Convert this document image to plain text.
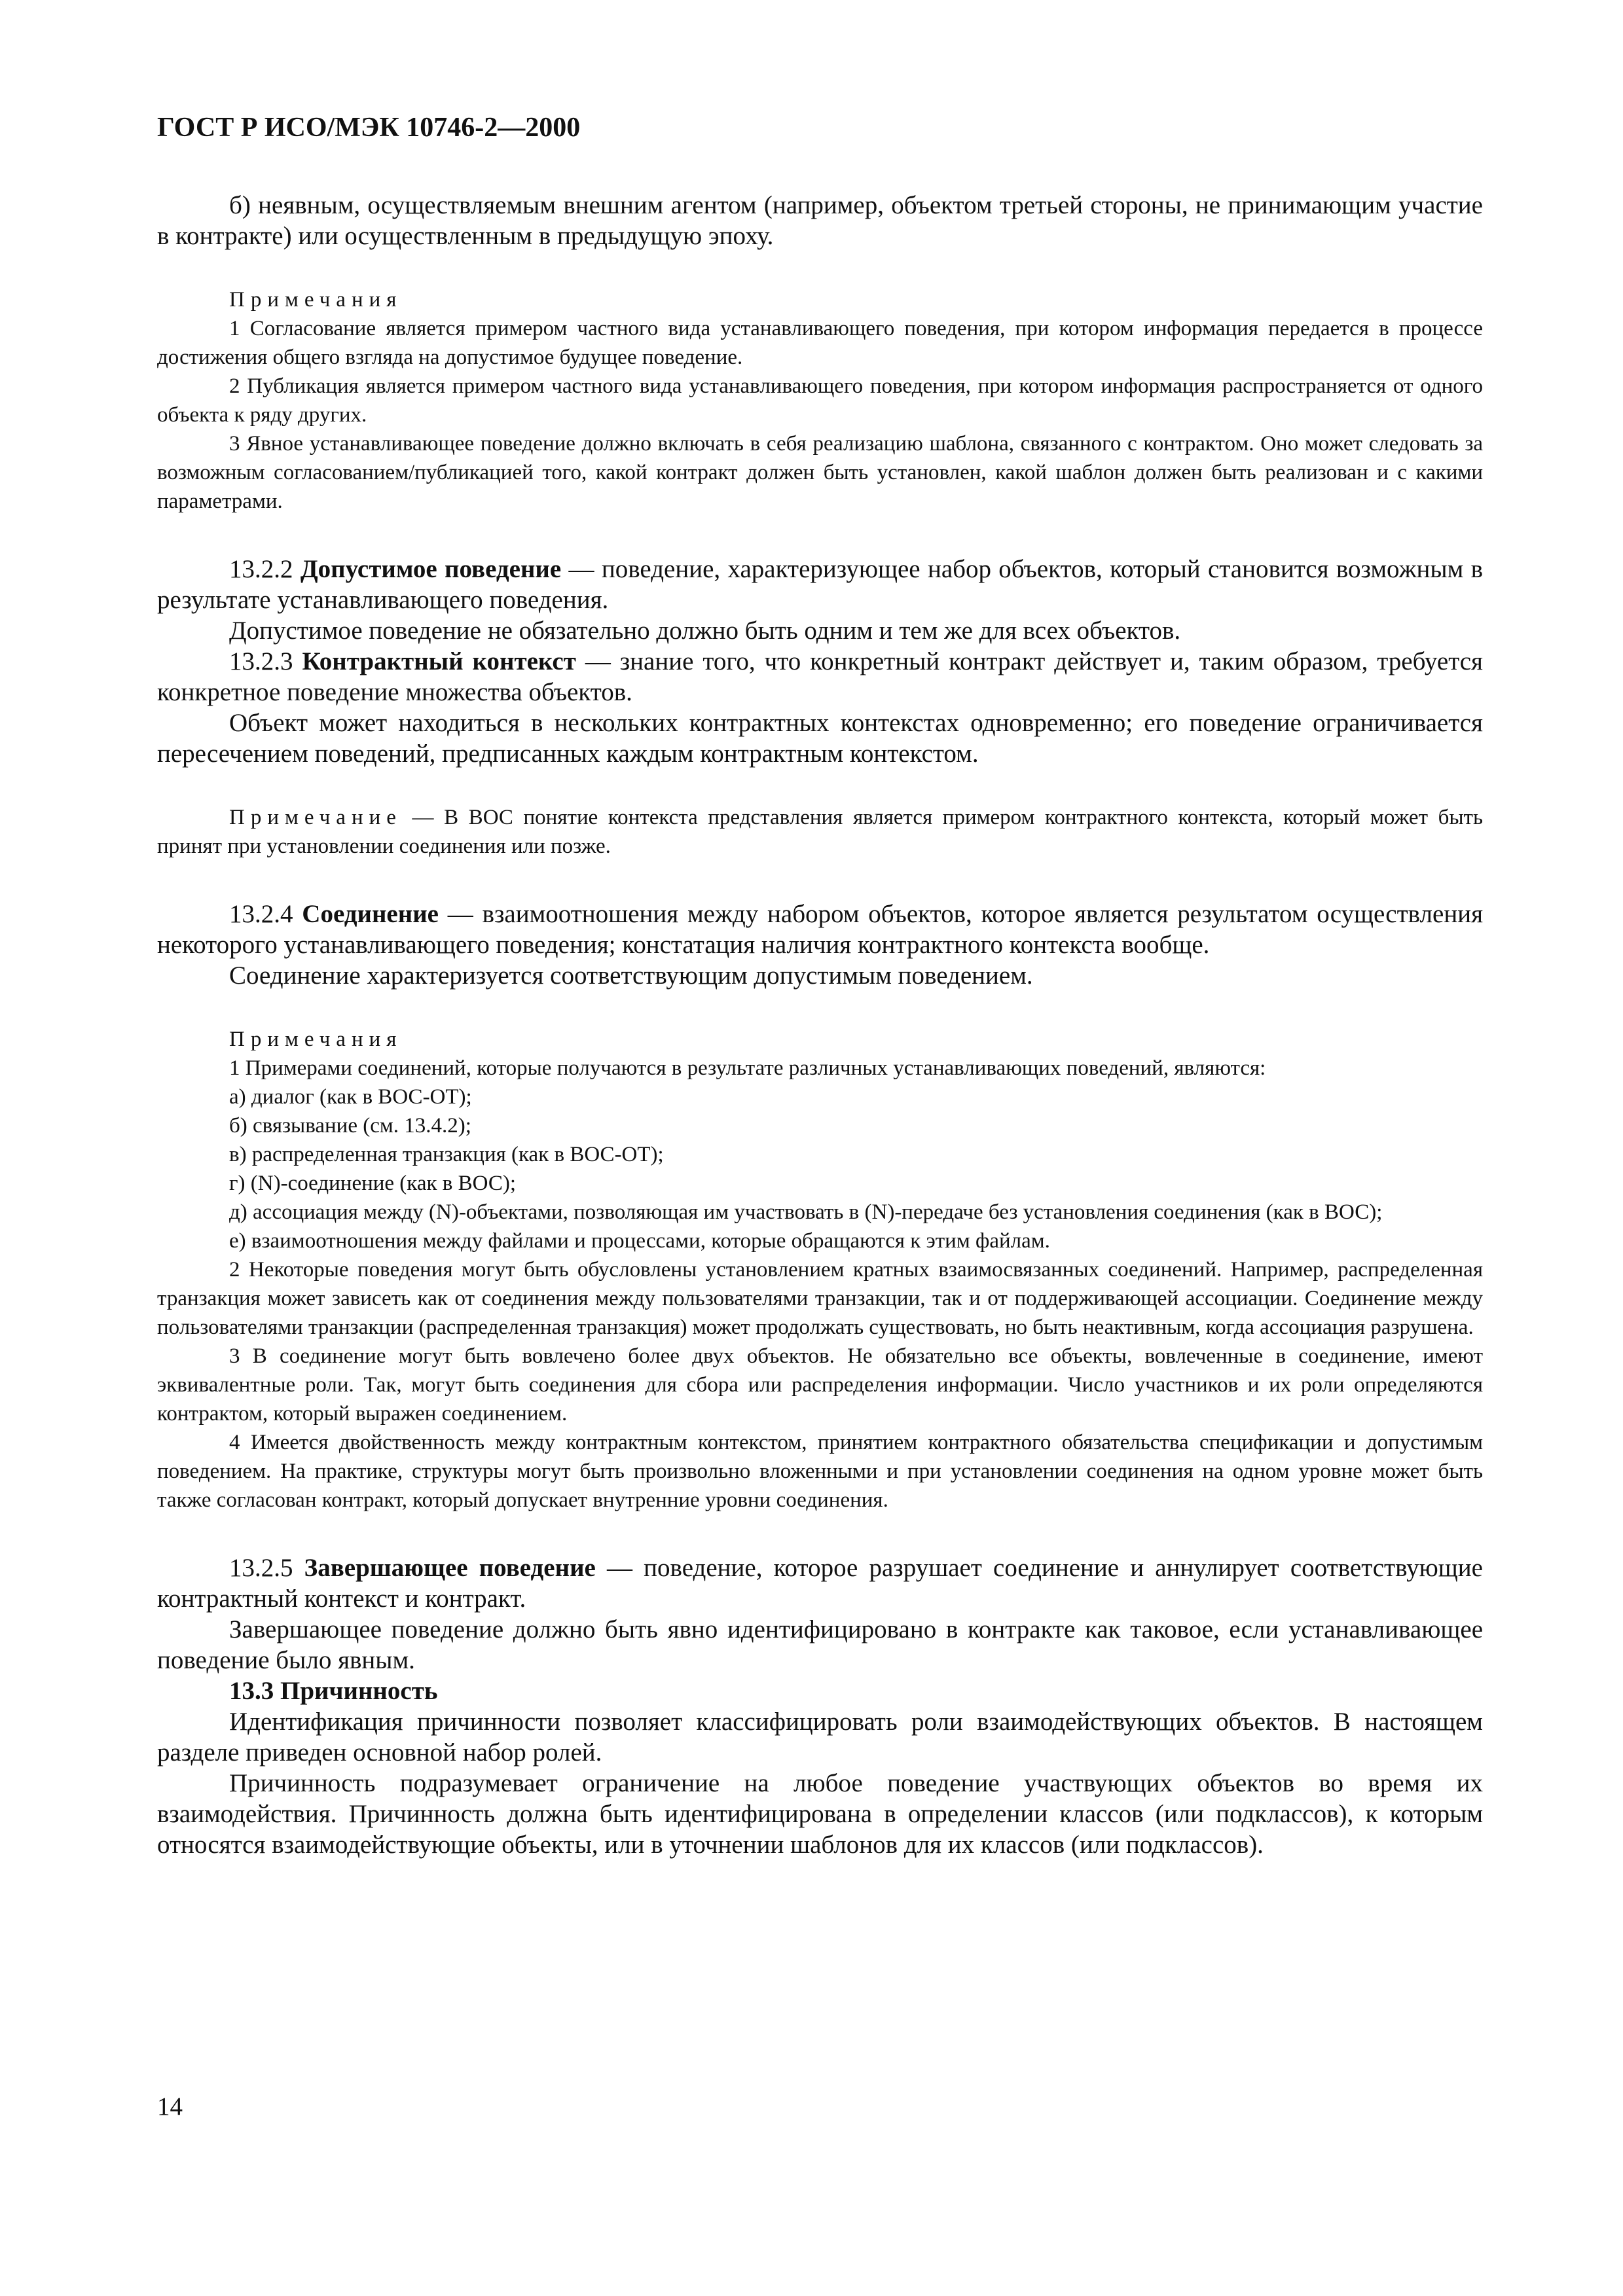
ГОСТ Р ИСО/МЭК 10746-2—2000

б) неявным, осуществляемым внешним агентом (например, объектом третьей стороны, не принимающим участие в контракте) или осуществленным в предыдущую эпоху.

Примечания

1 Согласование является примером частного вида устанавливающего поведения, при котором информация передается в процессе достижения общего взгляда на допустимое будущее поведение.

2 Публикация является примером частного вида устанавливающего поведения, при котором информация распространяется от одного объекта к ряду других.

3 Явное устанавливающее поведение должно включать в себя реализацию шаблона, связанного с контрактом. Оно может следовать за возможным согласованием/публикацией того, какой контракт должен быть установлен, какой шаблон должен быть реализован и с какими параметрами.

13.2.2 Допустимое поведение — поведение, характеризующее набор объектов, который становится возможным в результате устанавливающего поведения.

Допустимое поведение не обязательно должно быть одним и тем же для всех объектов.

13.2.3 Контрактный контекст — знание того, что конкретный контракт действует и, таким образом, требуется конкретное поведение множества объектов.

Объект может находиться в нескольких контрактных контекстах одновременно; его поведение ограничивается пересечением поведений, предписанных каждым контрактным контекстом.

Примечание — В ВОС понятие контекста представления является примером контрактного контекста, который может быть принят при установлении соединения или позже.

13.2.4 Соединение — взаимоотношения между набором объектов, которое является результатом осуществления некоторого устанавливающего поведения; констатация наличия контрактного контекста вообще.

Соединение характеризуется соответствующим допустимым поведением.

Примечания

1 Примерами соединений, которые получаются в результате различных устанавливающих поведений, являются:

а) диалог (как в ВОС-ОТ);

б) связывание (см. 13.4.2);

в) распределенная транзакция (как в ВОС-ОТ);

г) (N)-соединение (как в ВОС);

д) ассоциация между (N)-объектами, позволяющая им участвовать в (N)-передаче без установления соединения (как в ВОС);

е) взаимоотношения между файлами и процессами, которые обращаются к этим файлам.

2 Некоторые поведения могут быть обусловлены установлением кратных взаимосвязанных соединений. Например, распределенная транзакция может зависеть как от соединения между пользователями транзакции, так и от поддерживающей ассоциации. Соединение между пользователями транзакции (распределенная транзакция) может продолжать существовать, но быть неактивным, когда ассоциация разрушена.

3 В соединение могут быть вовлечено более двух объектов. Не обязательно все объекты, вовлеченные в соединение, имеют эквивалентные роли. Так, могут быть соединения для сбора или распределения информации. Число участников и их роли определяются контрактом, который выражен соединением.

4 Имеется двойственность между контрактным контекстом, принятием контрактного обязательства спецификации и допустимым поведением. На практике, структуры могут быть произвольно вложенными и при установлении соединения на одном уровне может быть также согласован контракт, который допускает внутренние уровни соединения.

13.2.5 Завершающее поведение — поведение, которое разрушает соединение и аннулирует соответствующие контрактный контекст и контракт.

Завершающее поведение должно быть явно идентифицировано в контракте как таковое, если устанавливающее поведение было явным.

13.3 Причинность

Идентификация причинности позволяет классифицировать роли взаимодействующих объектов. В настоящем разделе приведен основной набор ролей.

Причинность подразумевает ограничение на любое поведение участвующих объектов во время их взаимодействия. Причинность должна быть идентифицирована в определении классов (или подклассов), к которым относятся взаимодействующие объекты, или в уточнении шаблонов для их классов (или подклассов).

14
